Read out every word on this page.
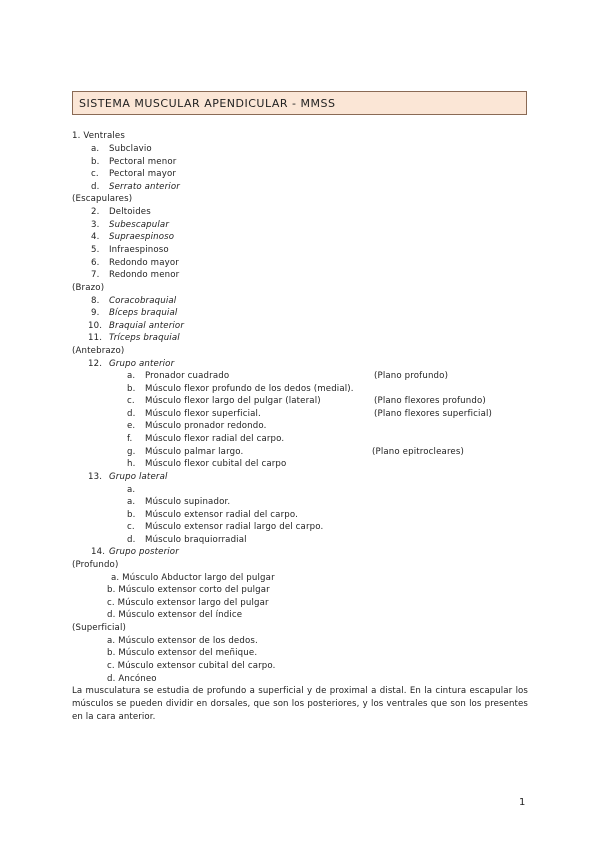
SISTEMA MUSCULAR APENDICULAR - MMSS
1. Ventrales
a. Subclavio
b. Pectoral menor
c. Pectoral mayor
d. Serrato anterior
(Escapulares)
2. Deltoides
3. Subescapular
4. Supraespinoso
5. Infraespinoso
6. Redondo mayor
7. Redondo menor
(Brazo)
8. Coracobraquial
9. Bíceps braquial
10. Braquial anterior
11. Tríceps braquial
(Antebrazo)
12. Grupo anterior
a. Pronador cuadrado	(Plano profundo)
b. Músculo flexor profundo de los dedos (medial).
c. Músculo flexor largo del pulgar (lateral)	(Plano flexores profundo)
d. Músculo flexor superficial.	(Plano flexores superficial)
e. Músculo pronador redondo.
f. Músculo flexor radial del carpo.
g. Músculo palmar largo.	(Plano epitrocleares)
h. Músculo flexor cubital del carpo
13. Grupo lateral
a.
a. Músculo supinador.
b. Músculo extensor radial del carpo.
c. Músculo extensor radial largo del carpo.
d. Músculo braquiorradial
14. Grupo posterior
(Profundo)
a. Músculo Abductor largo del pulgar
b. Músculo extensor corto del pulgar
c. Músculo extensor largo del pulgar
d. Músculo extensor del índice
(Superficial)
a. Músculo extensor de los dedos.
b. Músculo extensor del meñique.
c. Músculo extensor cubital del carpo.
d. Ancóneo
La musculatura se estudia de profundo a superficial y de proximal a distal. En la cintura escapular los músculos se pueden dividir en dorsales, que son los posteriores, y los ventrales que son los presentes en la cara anterior.
1
